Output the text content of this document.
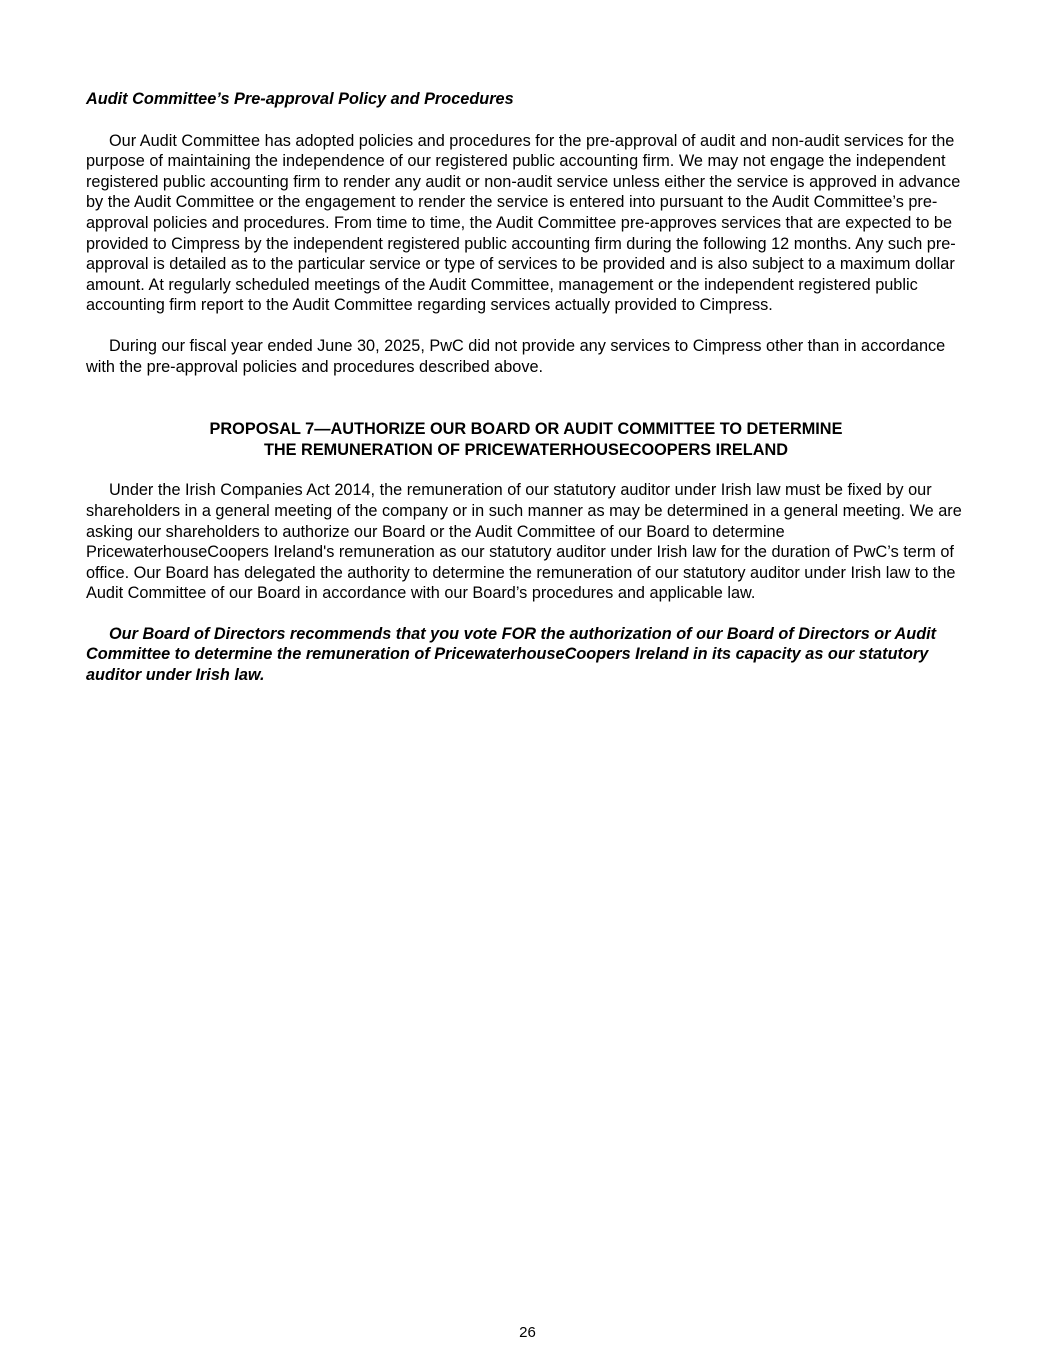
Audit Committee’s Pre-approval Policy and Procedures

Our Audit Committee has adopted policies and procedures for the pre-approval of audit and non-audit services for the purpose of maintaining the independence of our registered public accounting firm. We may not engage the independent registered public accounting firm to render any audit or non-audit service unless either the service is approved in advance by the Audit Committee or the engagement to render the service is entered into pursuant to the Audit Committee’s pre-approval policies and procedures. From time to time, the Audit Committee pre-approves services that are expected to be provided to Cimpress by the independent registered public accounting firm during the following 12 months. Any such pre-approval is detailed as to the particular service or type of services to be provided and is also subject to a maximum dollar amount. At regularly scheduled meetings of the Audit Committee, management or the independent registered public accounting firm report to the Audit Committee regarding services actually provided to Cimpress.

During our fiscal year ended June 30, 2025, PwC did not provide any services to Cimpress other than in accordance with the pre-approval policies and procedures described above.

PROPOSAL 7—AUTHORIZE OUR BOARD OR AUDIT COMMITTEE TO DETERMINE
THE REMUNERATION OF PRICEWATERHOUSECOOPERS IRELAND

Under the Irish Companies Act 2014, the remuneration of our statutory auditor under Irish law must be fixed by our shareholders in a general meeting of the company or in such manner as may be determined in a general meeting. We are asking our shareholders to authorize our Board or the Audit Committee of our Board to determine PricewaterhouseCoopers Ireland's remuneration as our statutory auditor under Irish law for the duration of PwC’s term of office. Our Board has delegated the authority to determine the remuneration of our statutory auditor under Irish law to the Audit Committee of our Board in accordance with our Board’s procedures and applicable law.

Our Board of Directors recommends that you vote FOR the authorization of our Board of Directors or Audit Committee to determine the remuneration of PricewaterhouseCoopers Ireland in its capacity as our statutory auditor under Irish law.

26
